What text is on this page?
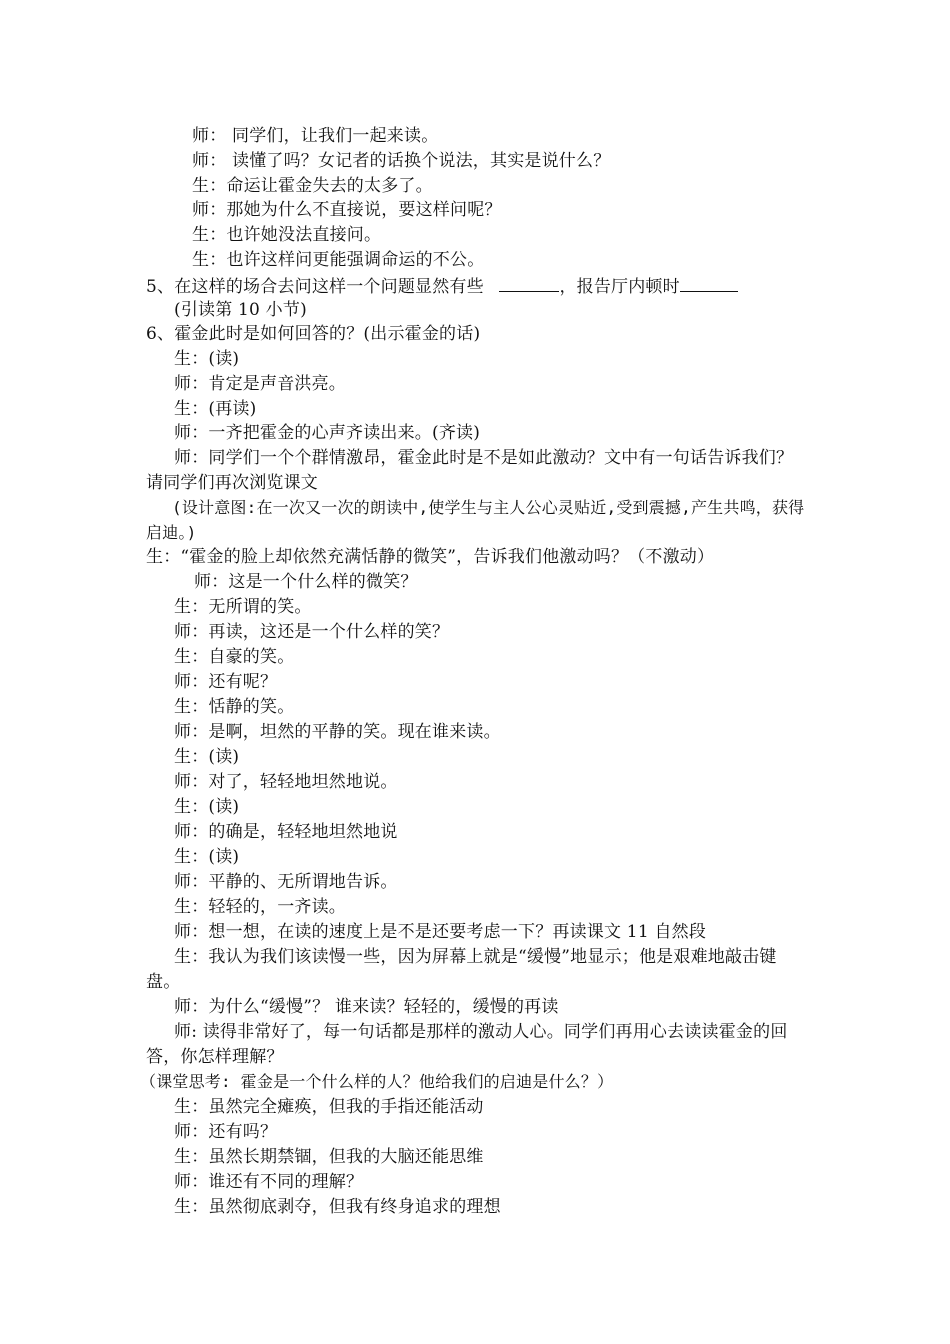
师： 同学们，让我们一起来读。
师： 读懂了吗？女记者的话换个说法，其实是说什么？
生：命运让霍金失去的太多了。
师：那她为什么不直接说，要这样问呢？
生：也许她没法直接问。
生：也许这样问更能强调命运的不公。
5、在这样的场合去问这样一个问题显然有些	，报告厅内顿时
(引读第 10 小节)
6、霍金此时是如何回答的？(出示霍金的话)
生：(读)
师：肯定是声音洪亮。
生：(再读)
师：一齐把霍金的心声齐读出来。(齐读)
师：同学们一个个群情激昂，霍金此时是不是如此激动？文中有一句话告诉我们？请同学们再次浏览课文
(设计意图:在一次又一次的朗读中,使学生与主人公心灵贴近,受到震撼,产生共鸣，获得启迪。)
生：“霍金的脸上却依然充满恬静的微笑”，告诉我们他激动吗？（不激动）
师：这是一个什么样的微笑？
生：无所谓的笑。
师：再读，这还是一个什么样的笑？
生：自豪的笑。
师：还有呢？
生：恬静的笑。
师：是啊，坦然的平静的笑。现在谁来读。
生：(读)
师：对了，轻轻地坦然地说。
生：(读)
师：的确是，轻轻地坦然地说
生：(读)
师：平静的、无所谓地告诉。
生：轻轻的，一齐读。
师：想一想，在读的速度上是不是还要考虑一下？再读课文 11 自然段
生：我认为我们该读慢一些，因为屏幕上就是“缓慢”地显示；他是艰难地敲击键盘。
师：为什么“缓慢”？ 谁来读？轻轻的，缓慢的再读
师: 读得非常好了，每一句话都是那样的激动人心。同学们再用心去读读霍金的回答，你怎样理解？
（课堂思考: 霍金是一个什么样的人？他给我们的启迪是什么？）
生：虽然完全瘫痪，但我的手指还能活动
师：还有吗？
生：虽然长期禁锢，但我的大脑还能思维
师：谁还有不同的理解？
生：虽然彻底剥夺，但我有终身追求的理想
